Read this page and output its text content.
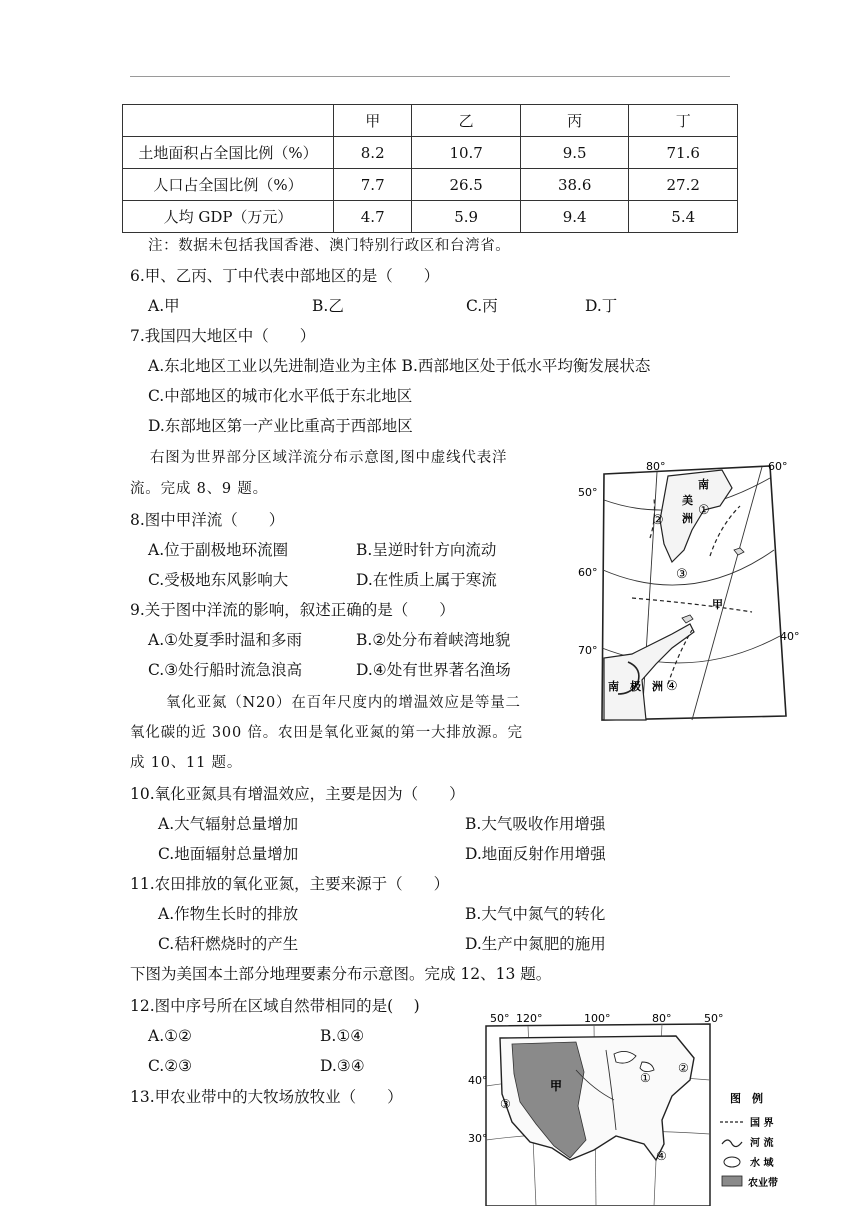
	甲	乙	丙	丁
土地面积占全国比例（%）	8.2	10.7	9.5	71.6
人口占全国比例（%）	7.7	26.5	38.6	27.2
人均 GDP（万元）	4.7	5.9	9.4	5.4
注：数据未包括我国香港、澳门特别行政区和台湾省。
6.甲、乙丙、丁中代表中部地区的是（　　）
A.甲	B.乙	C.丙	D.丁
7.我国四大地区中（　　）
A.东北地区工业以先进制造业为主体 B.西部地区处于低水平均衡发展状态
C.中部地区的城市化水平低于东北地区
D.东部地区第一产业比重高于西部地区
右图为世界部分区域洋流分布示意图,图中虚线代表洋
流。完成 8、9 题。
8.图中甲洋流（　　）
A.位于副极地环流圈	B.呈逆时针方向流动
C.受极地东风影响大	D.在性质上属于寒流
9.关于图中洋流的影响，叙述正确的是（　　）
A.①处夏季时温和多雨	B.②处分布着峡湾地貌
C.③处行船时流急浪高	D.④处有世界著名渔场
氧化亚氮（N20）在百年尺度内的增温效应是等量二
氧化碳的近 300 倍。农田是氧化亚氮的第一大排放源。完
成 10、11 题。
10.氧化亚氮具有增温效应，主要是因为（　　）
A.大气辐射总量增加	B.大气吸收作用增强
C.地面辐射总量增加	D.地面反射作用增强
11.农田排放的氧化亚氮，主要来源于（　　）
A.作物生长时的排放	B.大气中氮气的转化
C.秸秆燃烧时的产生	D.生产中氮肥的施用
下图为美国本土部分地理要素分布示意图。完成 12、13 题。
12.图中序号所在区域自然带相同的是(　 )
A.①②	B.①④
C.②③	D.③④
13.甲农业带中的大牧场放牧业（　　）
80°	60°
50°
60°
70°
40°
南
美
洲
南 极 洲
①
②
③
④
甲
50° 120°	100°	80°	50°
40°
30°
甲
①
②
③
④
图　例
国 界
河 流
水 域
农业带
